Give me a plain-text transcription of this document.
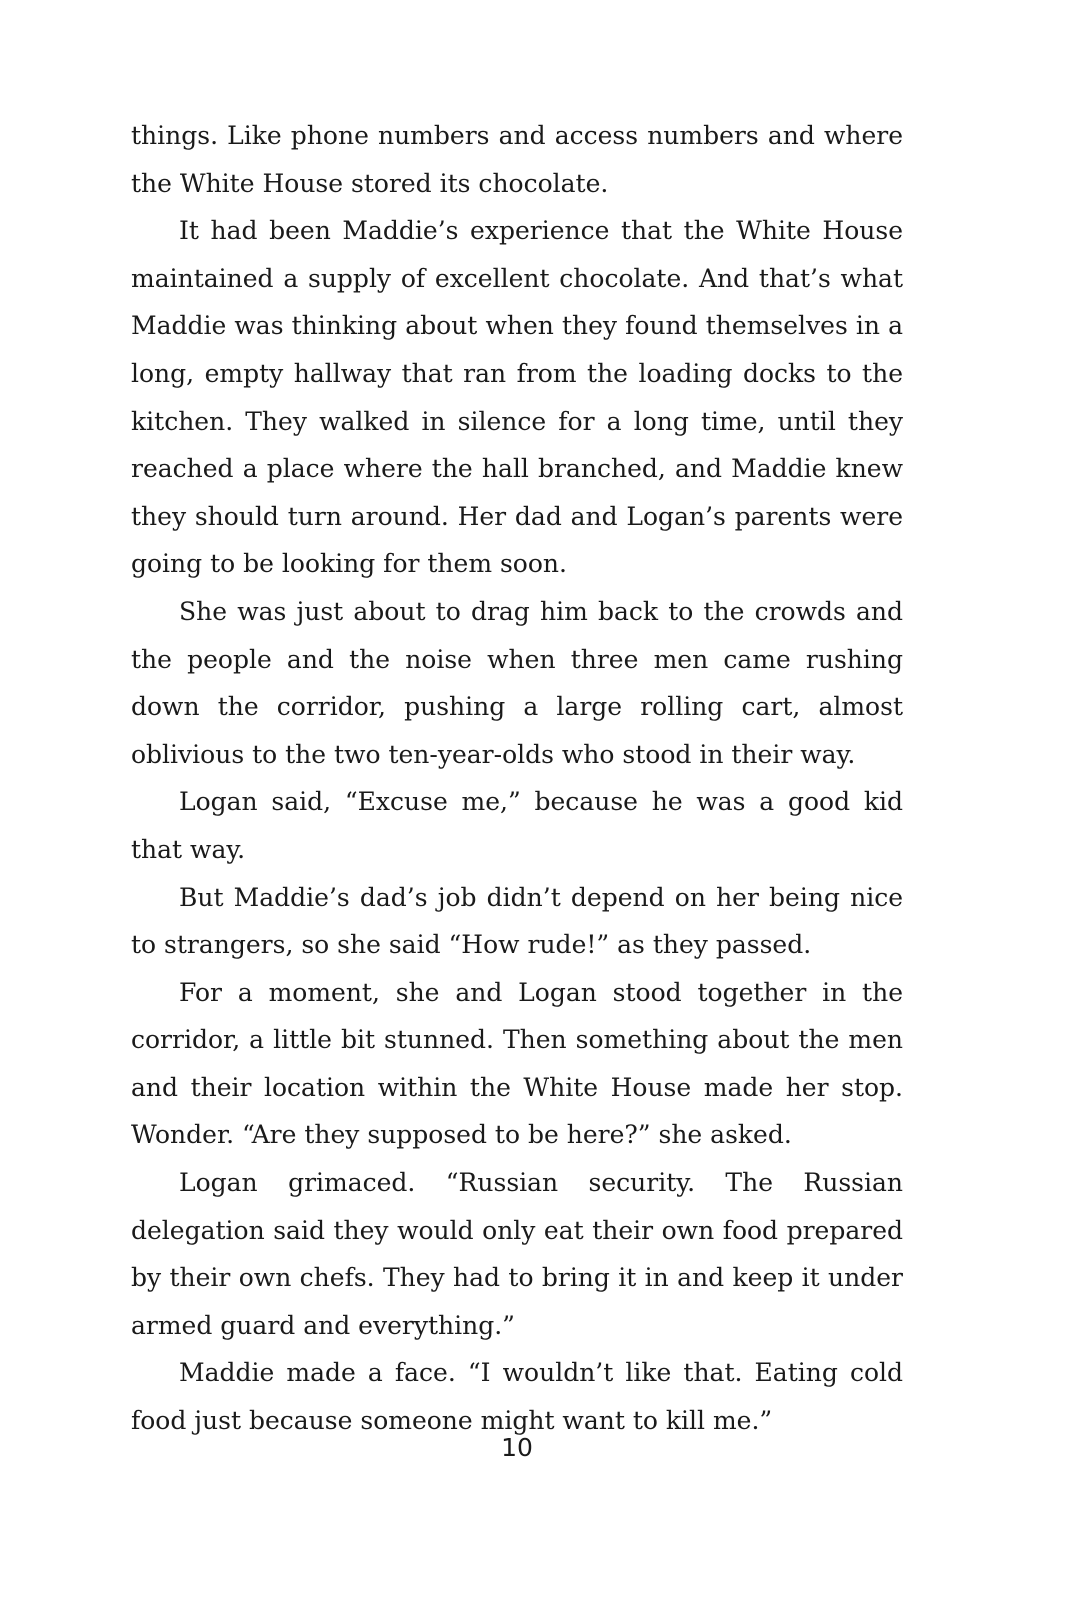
things. Like phone numbers and access numbers and where the White House stored its chocolate.

It had been Maddie’s experience that the White House maintained a supply of excellent chocolate. And that’s what Maddie was thinking about when they found themselves in a long, empty hallway that ran from the loading docks to the kitchen. They walked in silence for a long time, until they reached a place where the hall branched, and Maddie knew they should turn around. Her dad and Logan’s parents were going to be looking for them soon.

She was just about to drag him back to the crowds and the people and the noise when three men came rushing down the corridor, pushing a large rolling cart, almost oblivious to the two ten-year-olds who stood in their way.

Logan said, “Excuse me,” because he was a good kid that way.

But Maddie’s dad’s job didn’t depend on her being nice to strangers, so she said “How rude!” as they passed.

For a moment, she and Logan stood together in the corridor, a little bit stunned. Then something about the men and their location within the White House made her stop. Wonder. “Are they supposed to be here?” she asked.

Logan grimaced. “Russian security. The Russian delegation said they would only eat their own food prepared by their own chefs. They had to bring it in and keep it under armed guard and everything.”

Maddie made a face. “I wouldn’t like that. Eating cold food just because someone might want to kill me.”

10
